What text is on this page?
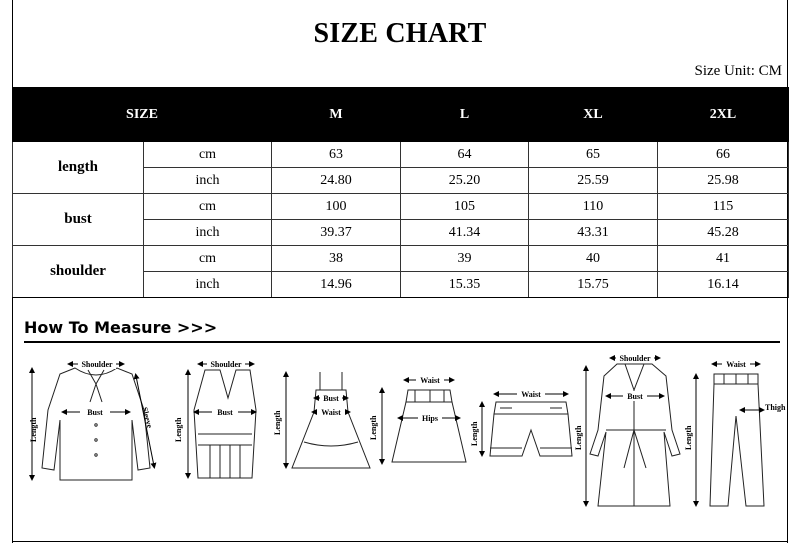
SIZE CHART
Size Unit: CM
SIZE		M	L	XL	2XL
length	cm	63	64	65	66
	inch	24.80	25.20	25.59	25.98
bust	cm	100	105	110	115
	inch	39.37	41.34	43.31	45.28
shoulder	cm	38	39	40	41
	inch	14.96	15.35	15.75	16.14
How To Measure >>>
Shoulder
Bust
Length	Sleeve
Shoulder
Bust
Length
Bust
Waist
Length
Waist
Hips
Length
Waist
Length
Shoulder
Bust
Length
Waist
Thigh
Length
